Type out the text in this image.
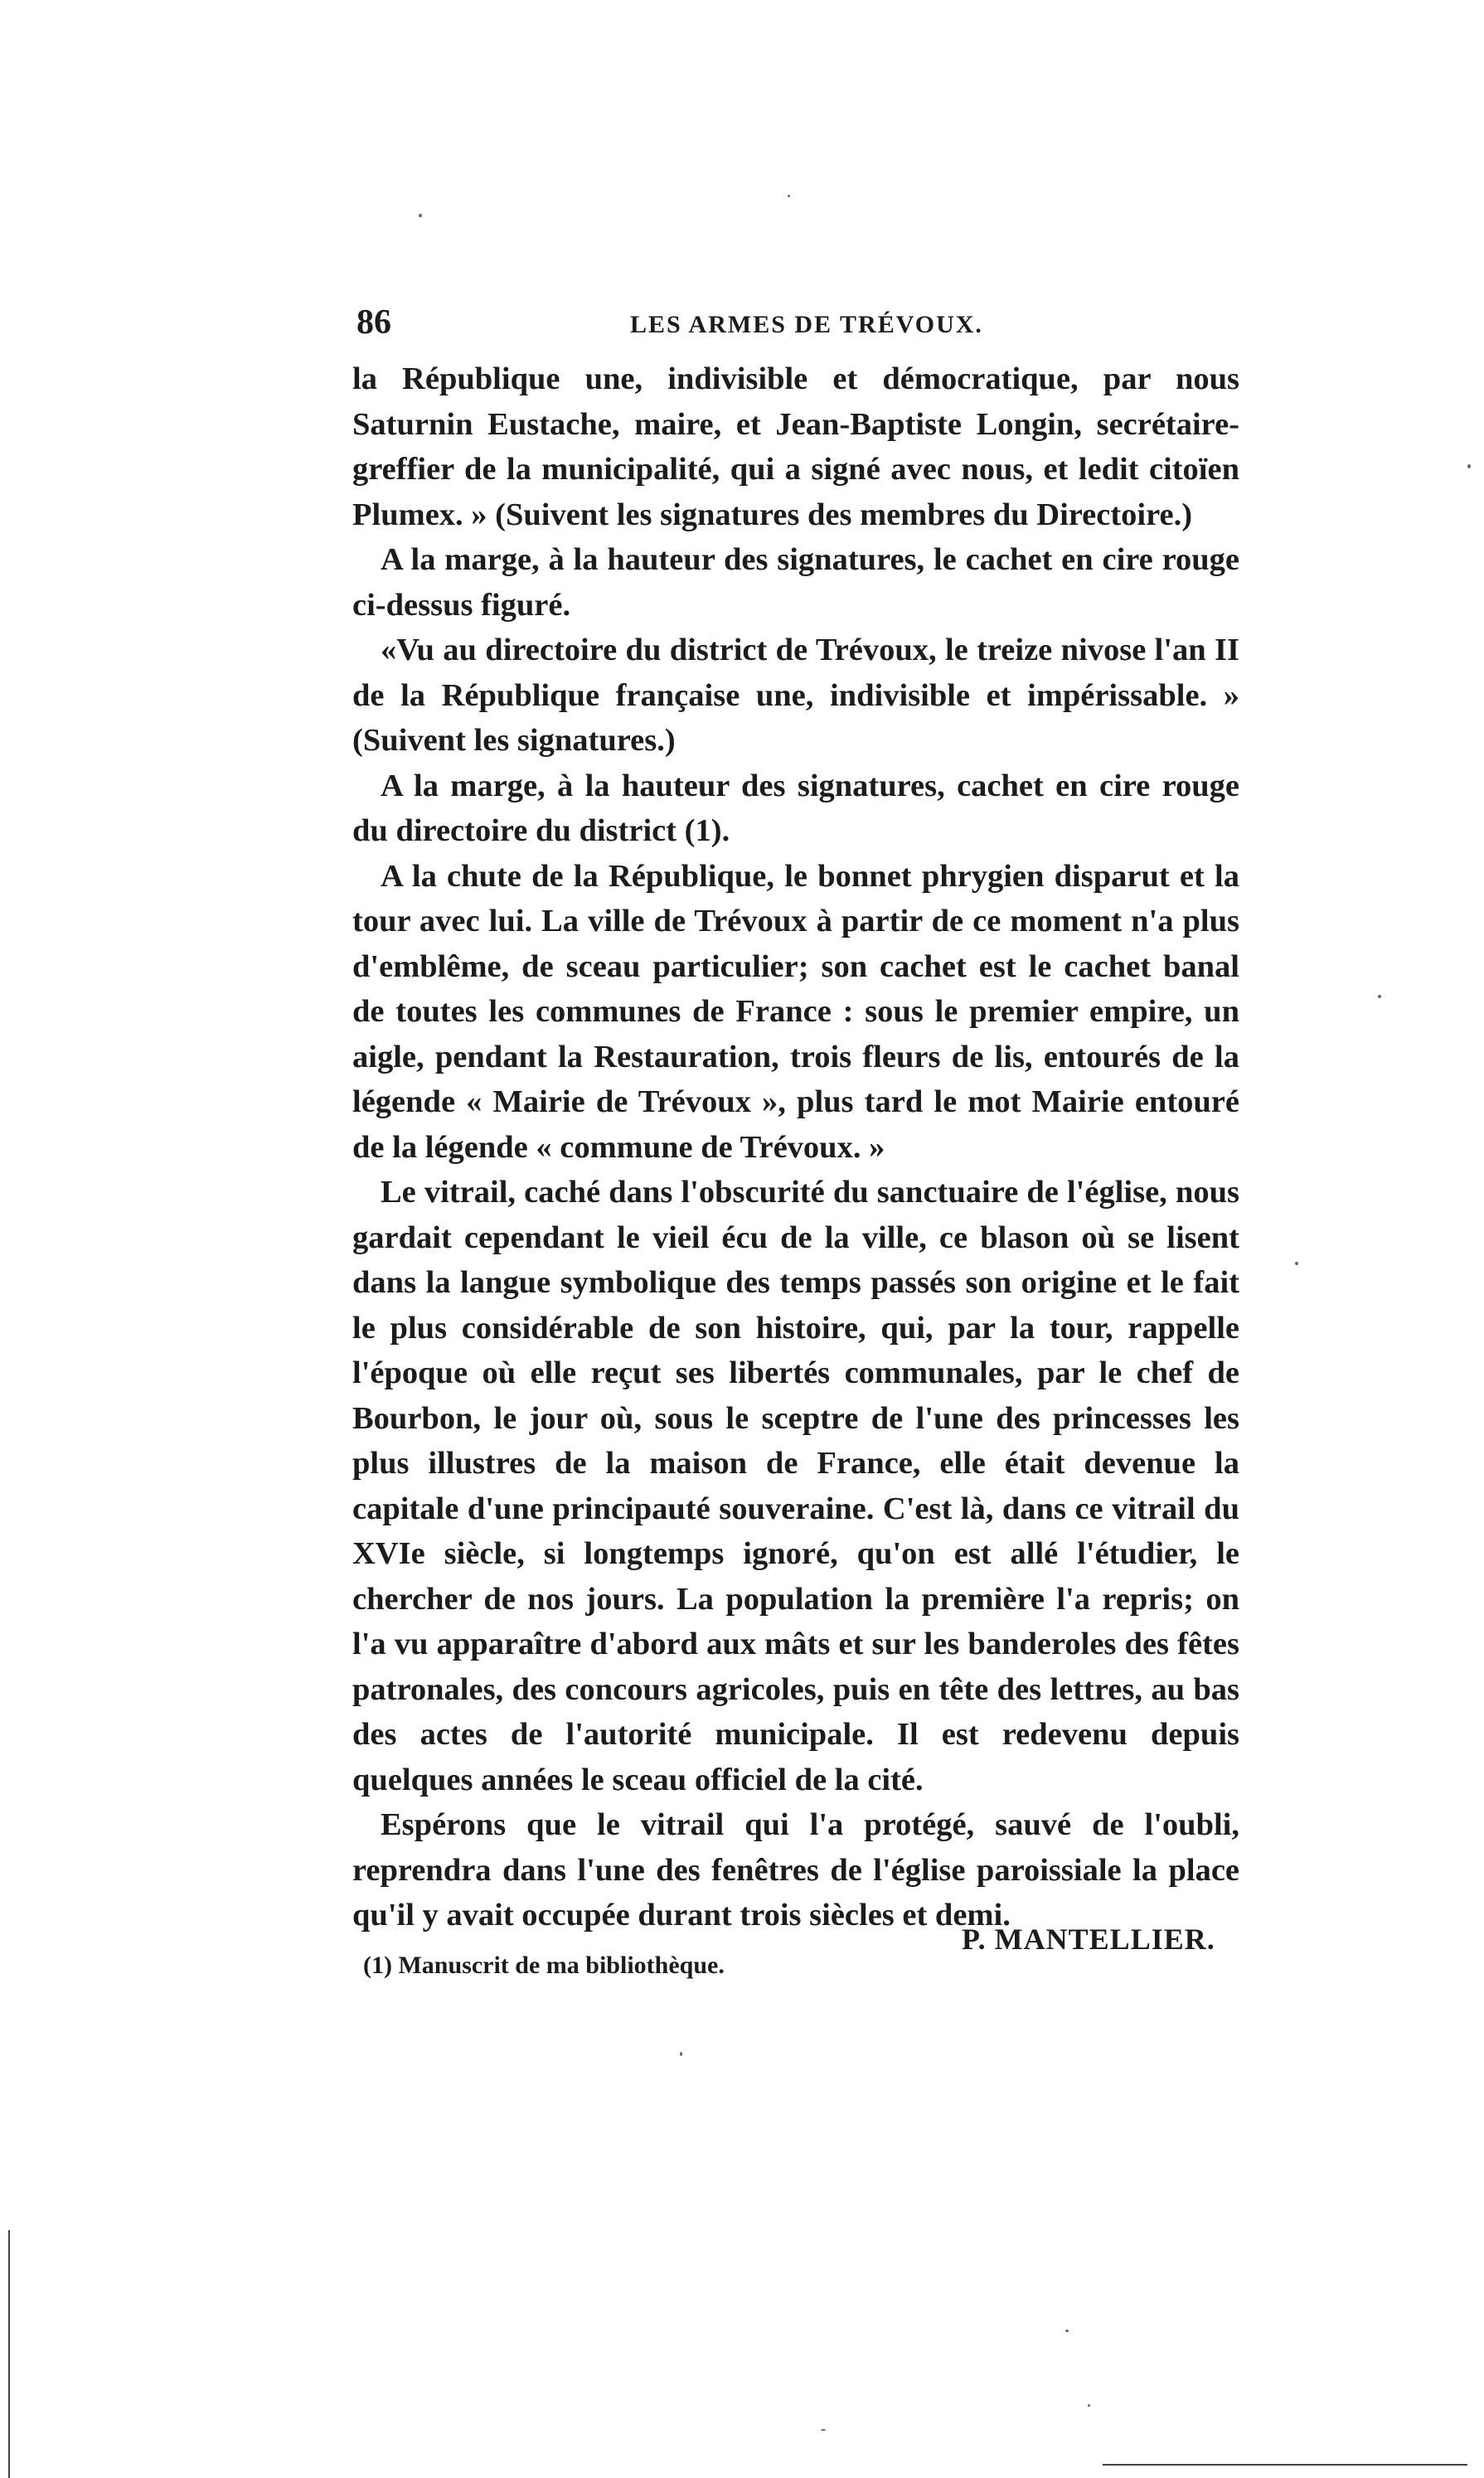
86	LES ARMES DE TRÉVOUX.

la République une, indivisible et démocratique, par nous Saturnin Eustache, maire, et Jean-Baptiste Longin, secrétaire-greffier de la municipalité, qui a signé avec nous, et ledit citoïen Plumex. » (Suivent les signatures des membres du Directoire.)

A la marge, à la hauteur des signatures, le cachet en cire rouge ci-dessus figuré.

«Vu au directoire du district de Trévoux, le treize nivose l'an II de la République française une, indivisible et impérissable. » (Suivent les signatures.)

A la marge, à la hauteur des signatures, cachet en cire rouge du directoire du district (1).

A la chute de la République, le bonnet phrygien disparut et la tour avec lui. La ville de Trévoux à partir de ce moment n'a plus d'emblême, de sceau particulier; son cachet est le cachet banal de toutes les communes de France : sous le premier empire, un aigle, pendant la Restauration, trois fleurs de lis, entourés de la légende « Mairie de Trévoux », plus tard le mot Mairie entouré de la légende « commune de Trévoux. »

Le vitrail, caché dans l'obscurité du sanctuaire de l'église, nous gardait cependant le vieil écu de la ville, ce blason où se lisent dans la langue symbolique des temps passés son origine et le fait le plus considérable de son histoire, qui, par la tour, rappelle l'époque où elle reçut ses libertés communales, par le chef de Bourbon, le jour où, sous le sceptre de l'une des princesses les plus illustres de la maison de France, elle était devenue la capitale d'une principauté souveraine. C'est là, dans ce vitrail du XVIe siècle, si longtemps ignoré, qu'on est allé l'étudier, le chercher de nos jours. La population la première l'a repris; on l'a vu apparaître d'abord aux mâts et sur les banderoles des fêtes patronales, des concours agricoles, puis en tête des lettres, au bas des actes de l'autorité municipale. Il est redevenu depuis quelques années le sceau officiel de la cité.

Espérons que le vitrail qui l'a protégé, sauvé de l'oubli, reprendra dans l'une des fenêtres de l'église paroissiale la place qu'il y avait occupée durant trois siècles et demi.

P. MANTELLIER.
(1) Manuscrit de ma bibliothèque.
